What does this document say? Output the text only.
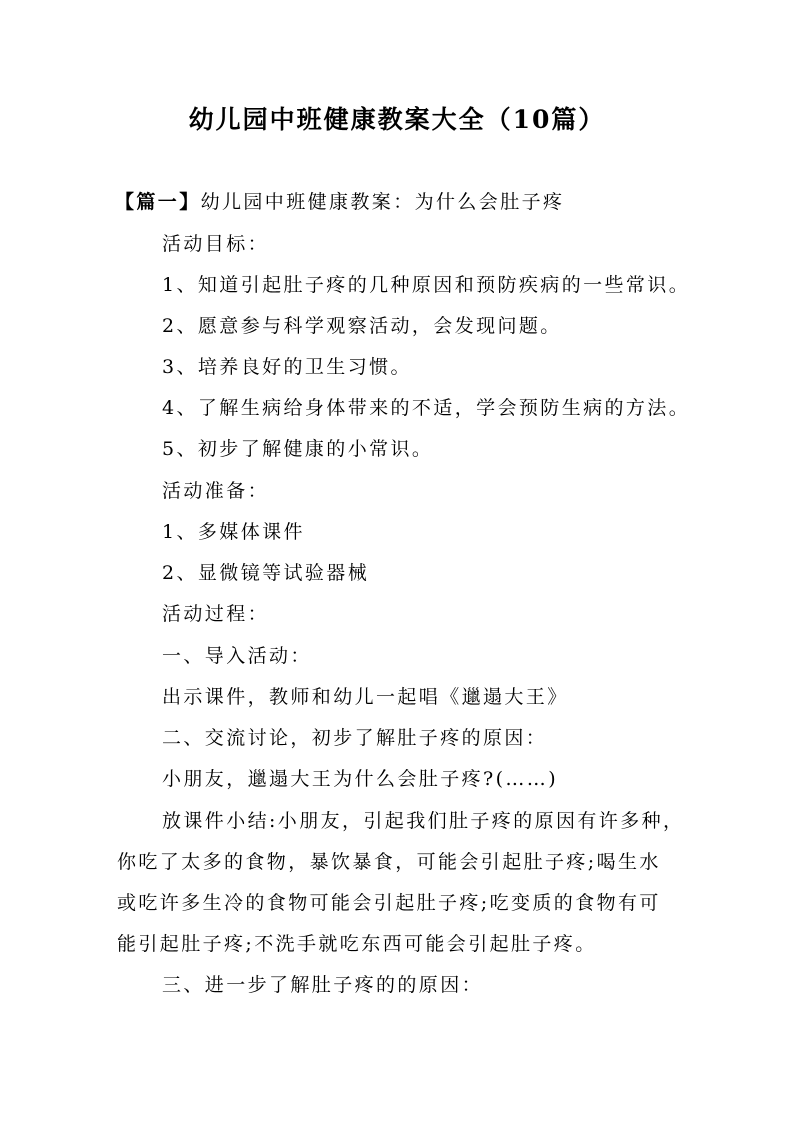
幼儿园中班健康教案大全（10篇）
【篇一】幼儿园中班健康教案：为什么会肚子疼
活动目标：
1、知道引起肚子疼的几种原因和预防疾病的一些常识。
2、愿意参与科学观察活动，会发现问题。
3、培养良好的卫生习惯。
4、了解生病给身体带来的不适，学会预防生病的方法。
5、初步了解健康的小常识。
活动准备：
1、多媒体课件
2、显微镜等试验器械
活动过程：
一、导入活动：
出示课件，教师和幼儿一起唱《邋遢大王》
二、交流讨论，初步了解肚子疼的原因：
小朋友，邋遢大王为什么会肚子疼?(……)
放课件小结:小朋友，引起我们肚子疼的原因有许多种，
你吃了太多的食物，暴饮暴食，可能会引起肚子疼;喝生水
或吃许多生冷的食物可能会引起肚子疼;吃变质的食物有可
能引起肚子疼;不洗手就吃东西可能会引起肚子疼。
三、进一步了解肚子疼的的原因：
